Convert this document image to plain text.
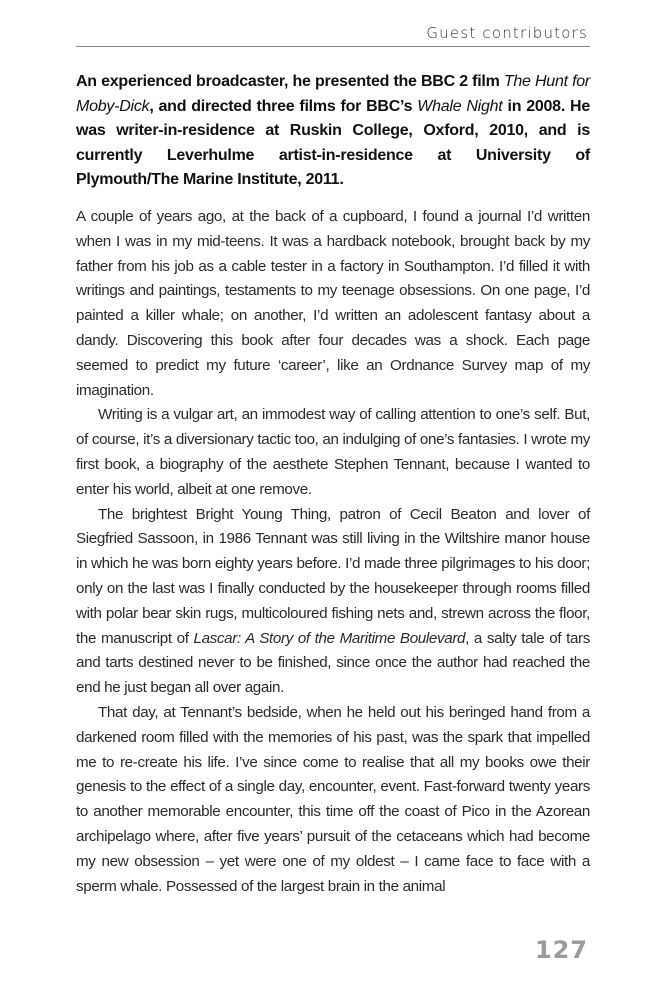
Guest contributors

An experienced broadcaster, he presented the BBC 2 film The Hunt for Moby-Dick, and directed three films for BBC’s Whale Night in 2008. He was writer-in-residence at Ruskin College, Oxford, 2010, and is currently Leverhulme artist-in-residence at University of Plymouth/The Marine Institute, 2011.

A couple of years ago, at the back of a cupboard, I found a journal I’d written when I was in my mid-teens. It was a hardback notebook, brought back by my father from his job as a cable tester in a factory in Southampton. I’d filled it with writings and paintings, testaments to my teenage obsessions. On one page, I’d painted a killer whale; on another, I’d written an adolescent fantasy about a dandy. Discovering this book after four decades was a shock. Each page seemed to predict my future ‘career’, like an Ordnance Survey map of my imagination.

Writing is a vulgar art, an immodest way of calling attention to one’s self. But, of course, it’s a diversionary tactic too, an indulging of one’s fantasies. I wrote my first book, a biography of the aesthete Stephen Tennant, because I wanted to enter his world, albeit at one remove.

The brightest Bright Young Thing, patron of Cecil Beaton and lover of Siegfried Sassoon, in 1986 Tennant was still living in the Wiltshire manor house in which he was born eighty years before. I’d made three pilgrimages to his door; only on the last was I finally conducted by the housekeeper through rooms filled with polar bear skin rugs, multicoloured fishing nets and, strewn across the floor, the manuscript of Lascar: A Story of the Maritime Boulevard, a salty tale of tars and tarts destined never to be finished, since once the author had reached the end he just began all over again.

That day, at Tennant’s bedside, when he held out his beringed hand from a darkened room filled with the memories of his past, was the spark that impelled me to re-create his life. I’ve since come to realise that all my books owe their genesis to the effect of a single day, encounter, event. Fast-forward twenty years to another memorable encounter, this time off the coast of Pico in the Azorean archipelago where, after five years’ pursuit of the cetaceans which had become my new obsession – yet were one of my oldest – I came face to face with a sperm whale. Possessed of the largest brain in the animal

127
